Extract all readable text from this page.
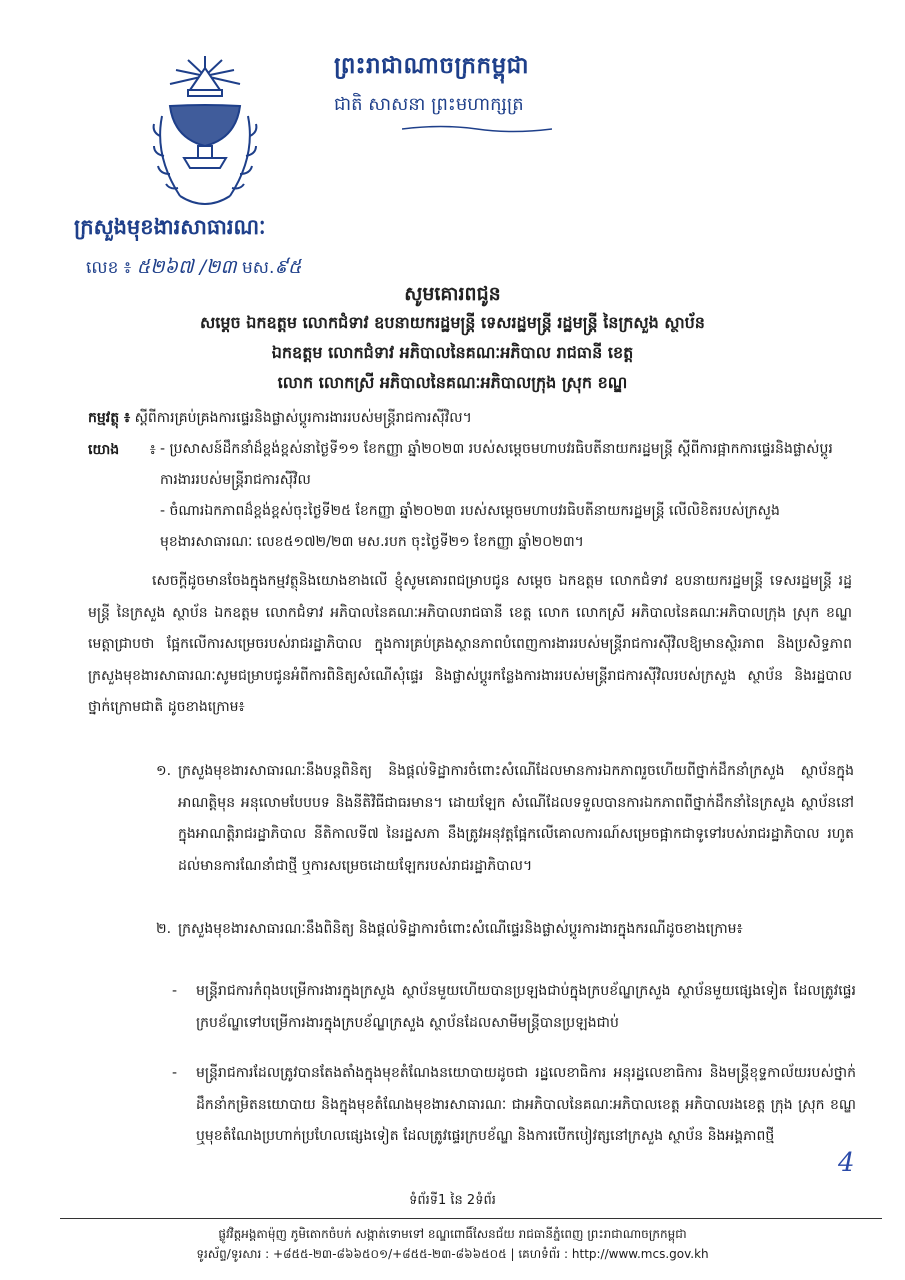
ព្រះរាជាណាចក្រកម្ពុជា
ជាតិ សាសនា ព្រះមហាក្សត្រ
ក្រសួងមុខងារសាធារណៈ
លេខ ៖ ៥២៦៧ /២៣ មស.៩៥
សូមគោរពជូន
សម្តេច ឯកឧត្តម លោកជំទាវ ឧបនាយករដ្ឋមន្ត្រី ទេសរដ្ឋមន្ត្រី រដ្ឋមន្ត្រី នៃក្រសួង ស្ថាប័ន
ឯកឧត្តម លោកជំទាវ អភិបាលនៃគណៈអភិបាល រាជធានី ខេត្ត
លោក លោកស្រី អភិបាលនៃគណៈអភិបាលក្រុង ស្រុក ខណ្ឌ
កម្មវត្ថុ ៖ ស្តីពីការគ្រប់គ្រងការផ្ទេរនិងផ្លាស់ប្តូរការងាររបស់មន្ត្រីរាជការស៊ីវិល។
យោង ៖ - ប្រសាសន៍ដឹកនាំដ៏ខ្ពង់ខ្ពស់នាថ្ងៃទី១១ ខែកញ្ញា ឆ្នាំ២០២៣ របស់សម្តេចមហាបវរធិបតីនាយករដ្ឋមន្ត្រី ស្តីពីការផ្អាកការផ្ទេរនិងផ្លាស់ប្តូរការងាររបស់មន្ត្រីរាជការស៊ីវិល
- ចំណារឯកភាពដ៏ខ្ពង់ខ្ពស់ចុះថ្ងៃទី២៥ ខែកញ្ញា ឆ្នាំ២០២៣ របស់សម្តេចមហាបវរធិបតីនាយករដ្ឋមន្ត្រី លើលិខិតរបស់ក្រសួងមុខងារសាធារណៈ លេខ៥១៧២/២៣ មស.របក ចុះថ្ងៃទី២១ ខែកញ្ញា ឆ្នាំ២០២៣។
សេចក្តីដូចមានចែងក្នុងកម្មវត្ថុនិងយោងខាងលើ ខ្ញុំសូមគោរពជម្រាបជូន សម្តេច ឯកឧត្តម លោកជំទាវ ឧបនាយករដ្ឋមន្ត្រី ទេសរដ្ឋមន្ត្រី រដ្ឋមន្ត្រី នៃក្រសួង ស្ថាប័ន ឯកឧត្តម លោកជំទាវ អភិបាលនៃគណៈអភិបាលរាជធានី ខេត្ត លោក លោកស្រី អភិបាលនៃគណៈអភិបាលក្រុង ស្រុក ខណ្ឌ មេត្តាជ្រាបថា ផ្អែកលើការសម្រេចរបស់រាជរដ្ឋាភិបាល ក្នុងការគ្រប់គ្រងស្ថានភាពបំពេញការងាររបស់មន្ត្រីរាជការស៊ីវិលឱ្យមានស្ថិរភាព និងប្រសិទ្ធភាព ក្រសួងមុខងារសាធារណៈសូមជម្រាបជូនអំពីការពិនិត្យសំណើសុំផ្ទេរ និងផ្លាស់ប្តូរកន្លែងការងាររបស់មន្ត្រីរាជការស៊ីវិលរបស់ក្រសួង ស្ថាប័ន និងរដ្ឋបាលថ្នាក់ក្រោមជាតិ ដូចខាងក្រោម៖
១. ក្រសួងមុខងារសាធារណៈនឹងបន្តពិនិត្យ និងផ្តល់ទិដ្ឋាការចំពោះសំណើដែលមានការឯកភាពរួចហើយពីថ្នាក់ដឹកនាំក្រសួង ស្ថាប័នក្នុងអាណត្តិមុន អនុលោមបែបបទ និងនីតិវិធីជាធរមាន។ ដោយឡែក សំណើដែលទទួលបានការឯកភាពពីថ្នាក់ដឹកនាំនៃក្រសួង ស្ថាប័ននៅក្នុងអាណត្តិរាជរដ្ឋាភិបាល នីតិកាលទី៧ នៃរដ្ឋសភា នឹងត្រូវអនុវត្តផ្អែកលើគោលការណ៍សម្រេចផ្អាកជាទូទៅរបស់រាជរដ្ឋាភិបាល រហូតដល់មានការណែនាំជាថ្មី ឬការសម្រេចដោយឡែករបស់រាជរដ្ឋាភិបាល។
២. ក្រសួងមុខងារសាធារណៈនឹងពិនិត្យ និងផ្តល់ទិដ្ឋាការចំពោះសំណើផ្ទេរនិងផ្លាស់ប្តូរការងារក្នុងករណីដូចខាងក្រោម៖
- មន្ត្រីរាជការកំពុងបម្រើការងារក្នុងក្រសួង ស្ថាប័នមួយហើយបានប្រឡងជាប់ក្នុងក្របខ័ណ្ឌក្រសួង ស្ថាប័នមួយផ្សេងទៀត ដែលត្រូវផ្ទេរក្របខ័ណ្ឌទៅបម្រើការងារក្នុងក្របខ័ណ្ឌក្រសួង ស្ថាប័នដែលសាមីមន្ត្រីបានប្រឡងជាប់
- មន្ត្រីរាជការដែលត្រូវបានតែងតាំងក្នុងមុខតំណែងនយោបាយដូចជា រដ្ឋលេខាធិការ អនុរដ្ឋលេខាធិការ និងមន្ត្រីខុទ្ទកាល័យរបស់ថ្នាក់ដឹកនាំកម្រិតនយោបាយ និងក្នុងមុខតំណែងមុខងារសាធារណៈ ជាអភិបាលនៃគណៈអភិបាលខេត្ត អភិបាលរងខេត្ត ក្រុង ស្រុក ខណ្ឌ ឬមុខតំណែងប្រហាក់ប្រហែលផ្សេងទៀត ដែលត្រូវផ្ទេរក្របខ័ណ្ឌ និងការបើកបៀវត្សនៅក្រសួង ស្ថាប័ន និងអង្គភាពថ្មី
4
ទំព័រទី1 នៃ 2ទំព័រ
ផ្លូវវិត្តអង្គតាម៉ុញ ភូមិតោកចំបក់ សង្កាត់ទោមទៅ ខណ្ឌពោធិ៍សែនជ័យ រាជធានីភ្នំពេញ ព្រះរាជាណាចក្រកម្ពុជា
ទូរស័ព្ទ/ទូរសារ : +៨៥៥-២៣-៨៦៦៥០១/+៨៥៥-២៣-៨៦៦៥០៥ | គេហទំព័រ : http://www.mcs.gov.kh
